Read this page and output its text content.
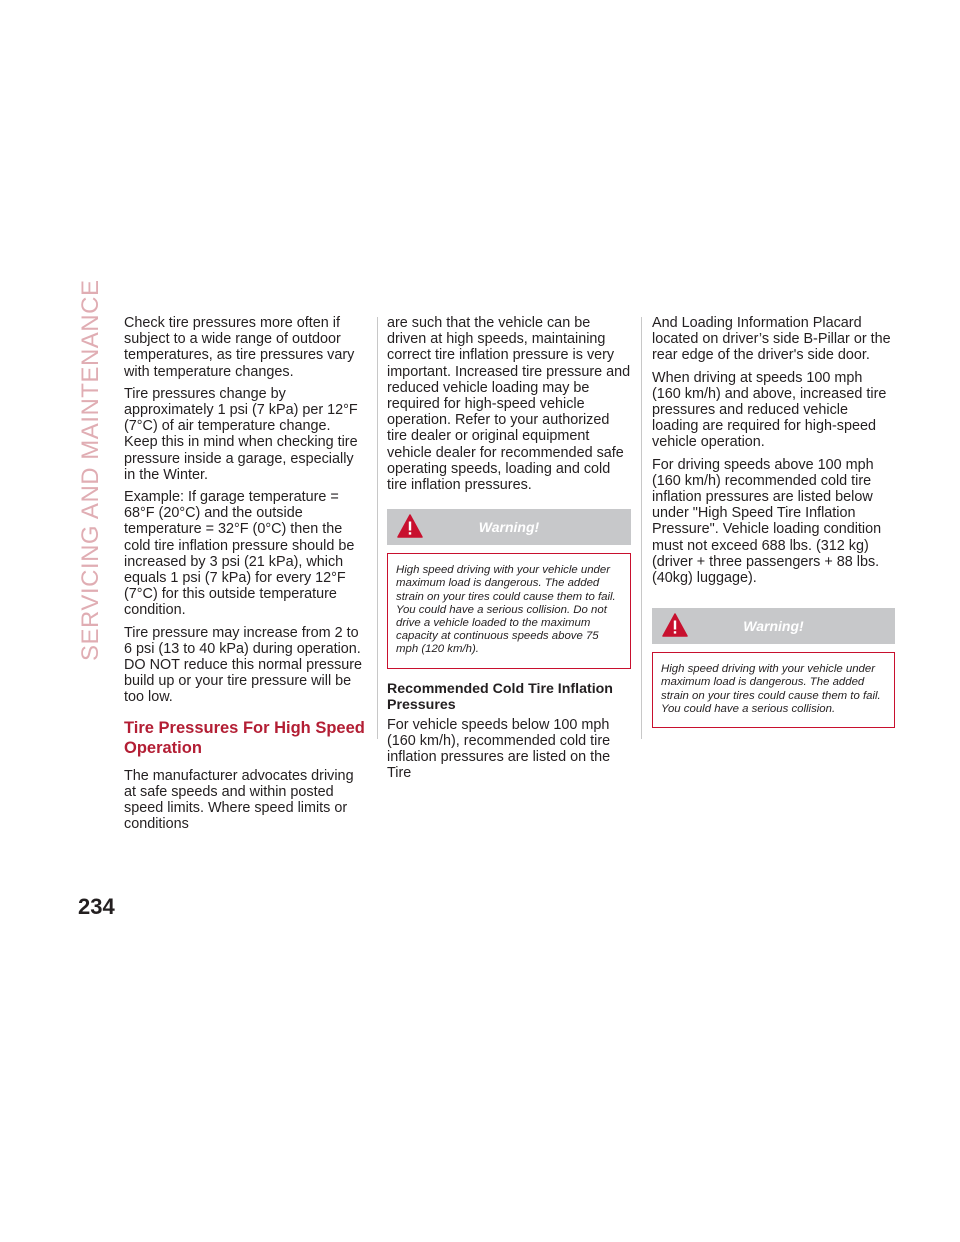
SERVICING AND MAINTENANCE Check tire pressures more often if subject to a wide range of outdoor temperatures, as tire pressures vary with temperature changes.

Tire pressures change by approximately 1 psi (7 kPa) per 12°F (7°C) of air temperature change. Keep this in mind when checking tire pressure inside a garage, especially in the Winter.

Example: If garage temperature = 68°F (20°C) and the outside temperature = 32°F (0°C) then the cold tire inflation pressure should be increased by 3 psi (21 kPa), which equals 1 psi (7 kPa) for every 12°F (7°C) for this outside temperature condition.

Tire pressure may increase from 2 to 6 psi (13 to 40 kPa) during operation. DO NOT reduce this normal pressure build up or your tire pressure will be too low.

Tire Pressures For High Speed Operation

The manufacturer advocates driving at safe speeds and within posted speed limits. Where speed limits or conditions

are such that the vehicle can be driven at high speeds, maintaining correct tire inflation pressure is very important. Increased tire pressure and reduced vehicle loading may be required for high-speed vehicle operation. Refer to your authorized tire dealer or original equipment vehicle dealer for recommended safe operating speeds, loading and cold tire inflation pressures.

Warning!
High speed driving with your vehicle under maximum load is dangerous. The added strain on your tires could cause them to fail. You could have a serious collision. Do not drive a vehicle loaded to the maximum capacity at continuous speeds above 75 mph (120 km/h).
Recommended Cold Tire Inflation Pressures

For vehicle speeds below 100 mph (160 km/h), recommended cold tire inflation pressures are listed on the Tire

And Loading Information Placard located on driver’s side B-Pillar or the rear edge of the driver's side door.

When driving at speeds 100 mph (160 km/h) and above, increased tire pressures and reduced vehicle loading are required for high-speed vehicle operation.

For driving speeds above 100 mph (160 km/h) recommended cold tire inflation pressures are listed below under "High Speed Tire Inflation Pressure". Vehicle loading condition must not exceed 688 lbs. (312 kg) (driver + three passengers + 88 lbs. (40kg) luggage).

Warning!
High speed driving with your vehicle under maximum load is dangerous. The added strain on your tires could cause them to fail. You could have a serious collision.
234
